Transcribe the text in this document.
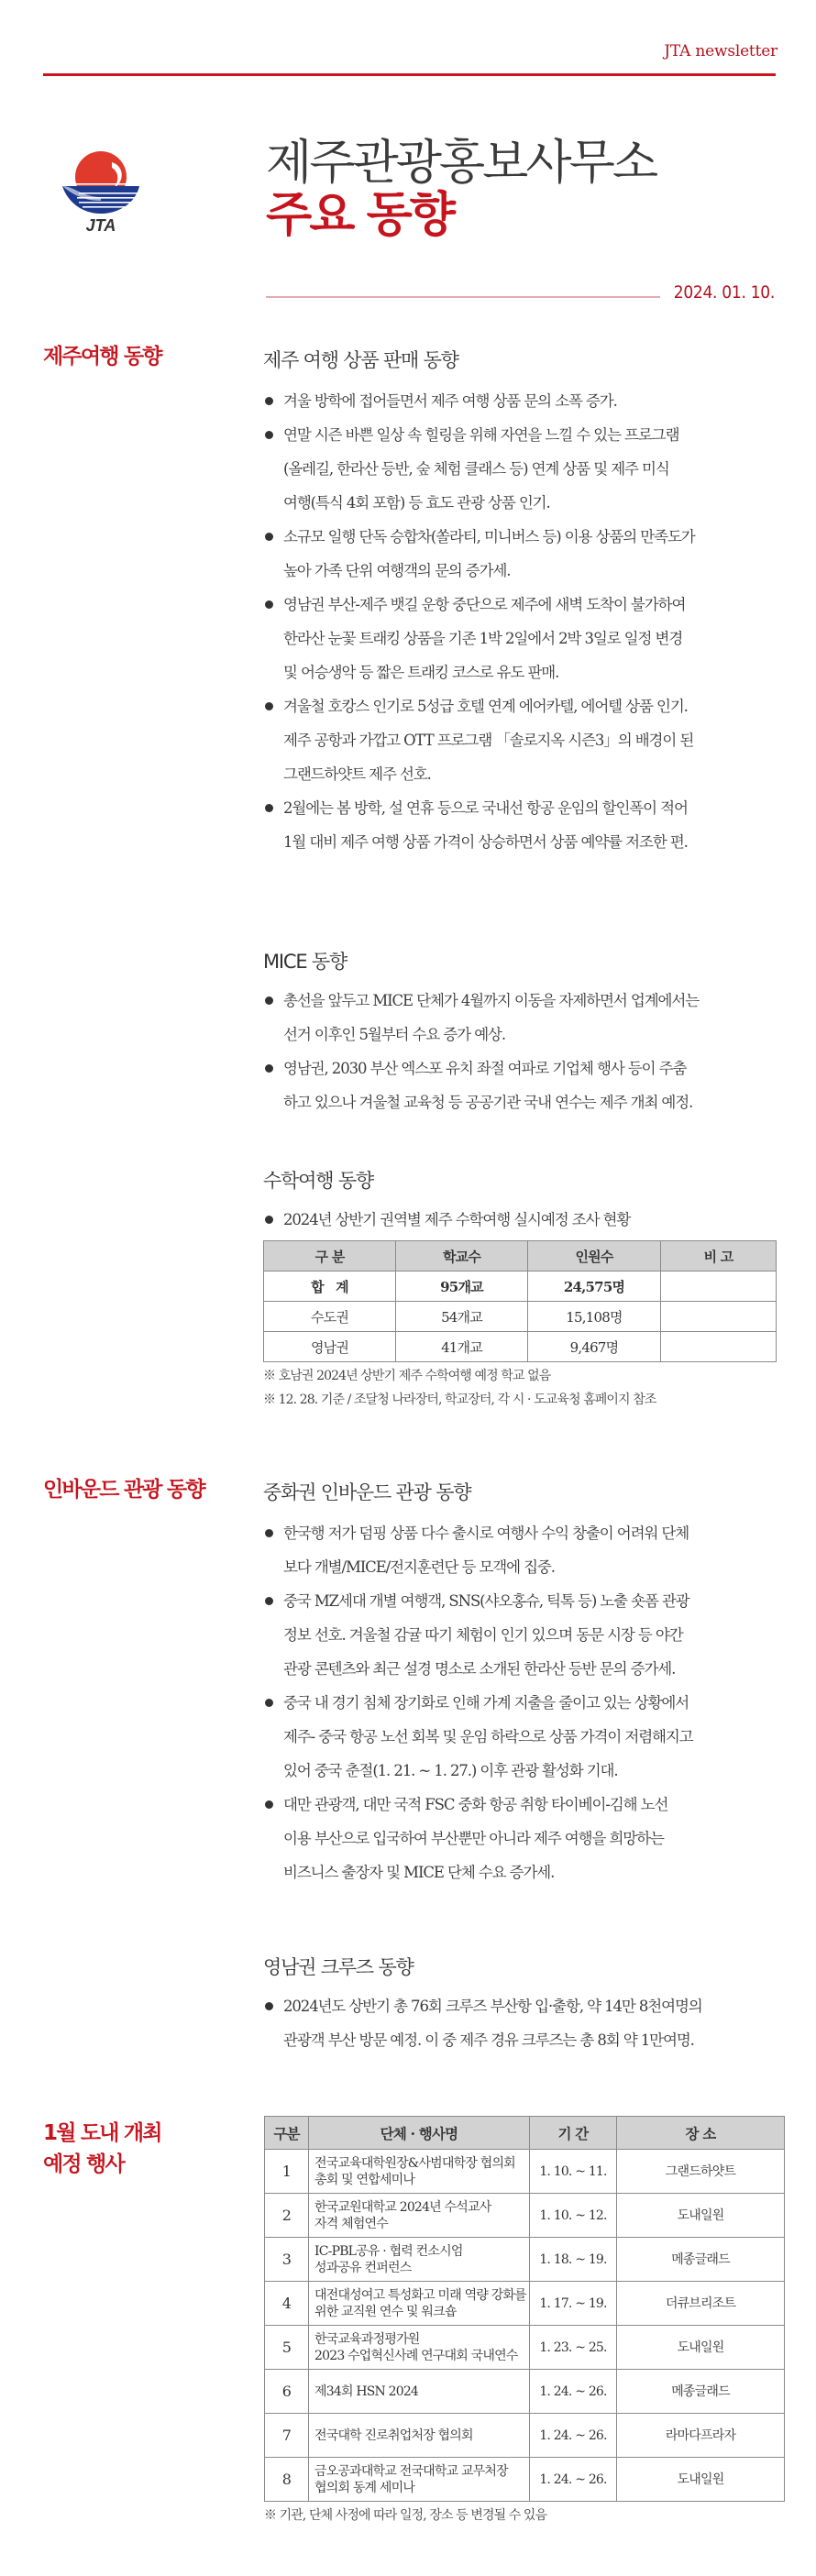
JTA newsletter
JTA
제주관광홍보사무소
주요 동향
2024. 01. 10.
제주여행 동향	제주 여행 상품 판매 동향
겨울 방학에 접어들면서 제주 여행 상품 문의 소폭 증가.
연말 시즌 바쁜 일상 속 힐링을 위해 자연을 느낄 수 있는 프로그램
(올레길, 한라산 등반, 숲 체험 클래스 등) 연계 상품 및 제주 미식
여행(특식 4회 포함) 등 효도 관광 상품 인기.
소규모 일행 단독 승합차(쏠라티, 미니버스 등) 이용 상품의 만족도가
높아 가족 단위 여행객의 문의 증가세.
영남권 부산-제주 뱃길 운항 중단으로 제주에 새벽 도착이 불가하여
한라산 눈꽃 트래킹 상품을 기존 1박 2일에서 2박 3일로 일정 변경
및 어승생악 등 짧은 트래킹 코스로 유도 판매.
겨울철 호캉스 인기로 5성급 호텔 연계 에어카텔, 에어텔 상품 인기.
제주 공항과 가깝고 OTT 프로그램 「솔로지옥 시즌3」의 배경이 된
그랜드하얏트 제주 선호.
2월에는 봄 방학, 설 연휴 등으로 국내선 항공 운임의 할인폭이 적어
1월 대비 제주 여행 상품 가격이 상승하면서 상품 예약률 저조한 편.
MICE 동향
총선을 앞두고 MICE 단체가 4월까지 이동을 자제하면서 업계에서는
선거 이후인 5월부터 수요 증가 예상.
영남권, 2030 부산 엑스포 유치 좌절 여파로 기업체 행사 등이 주춤
하고 있으나 겨울철 교육청 등 공공기관 국내 연수는 제주 개최 예정.
수학여행 동향
2024년 상반기 권역별 제주 수학여행 실시예정 조사 현황
구 분	학교수	인원수	비 고
합   계	95개교	24,575명	
수도권	54개교	15,108명	
영남권	41개교	9,467명	
※ 호남권 2024년 상반기 제주 수학여행 예정 학교 없음
※ 12. 28. 기준 / 조달청 나라장터, 학교장터, 각 시 · 도교육청 홈페이지 참조
인바운드 관광 동향	중화권 인바운드 관광 동향
한국행 저가 덤핑 상품 다수 출시로 여행사 수익 창출이 어려워 단체
보다 개별/MICE/전지훈련단 등 모객에 집중.
중국 MZ세대 개별 여행객, SNS(샤오홍슈, 틱톡 등) 노출 숏폼 관광
정보 선호. 겨울철 감귤 따기 체험이 인기 있으며 동문 시장 등 야간
관광 콘텐츠와 최근 설경 명소로 소개된 한라산 등반 문의 증가세.
중국 내 경기 침체 장기화로 인해 가계 지출을 줄이고 있는 상황에서
제주- 중국 항공 노선 회복 및 운임 하락으로 상품 가격이 저렴해지고
있어 중국 춘절(1. 21. ~ 1. 27.) 이후 관광 활성화 기대.
대만 관광객, 대만 국적 FSC 중화 항공 취항 타이베이-김해 노선
이용 부산으로 입국하여 부산뿐만 아니라 제주 여행을 희망하는
비즈니스 출장자 및 MICE 단체 수요 증가세.
영남권 크루즈 동향
2024년도 상반기 총 76회 크루즈 부산항 입·출항, 약 14만 8천여명의
관광객 부산 방문 예정. 이 중 제주 경유 크루즈는 총 8회 약 1만여명.
1월 도내 개최
예정 행사
구분	단체 · 행사명	기 간	장 소
1	전국교육대학원장&사범대학장 협의회
총회 및 연합세미나	1. 10. ~ 11.	그랜드하얏트
2	한국교원대학교 2024년 수석교사
자격 체험연수	1. 10. ~ 12.	도내일원
3	IC-PBL공유 · 협력 컨소시엄
성과공유 컨퍼런스	1. 18. ~ 19.	메종글래드
4	대전대성여고 특성화고 미래 역량 강화를
위한 교직원 연수 및 워크숍	1. 17. ~ 19.	더큐브리조트
5	한국교육과정평가원
2023 수업혁신사례 연구대회 국내연수	1. 23. ~ 25.	도내일원
6	제34회 HSN 2024	1. 24. ~ 26.	메종글래드
7	전국대학 진로취업처장 협의회	1. 24. ~ 26.	라마다프라자
8	금오공과대학교 전국대학교 교무처장
협의회 동계 세미나	1. 24. ~ 26.	도내일원
※ 기관, 단체 사정에 따라 일정, 장소 등 변경될 수 있음
